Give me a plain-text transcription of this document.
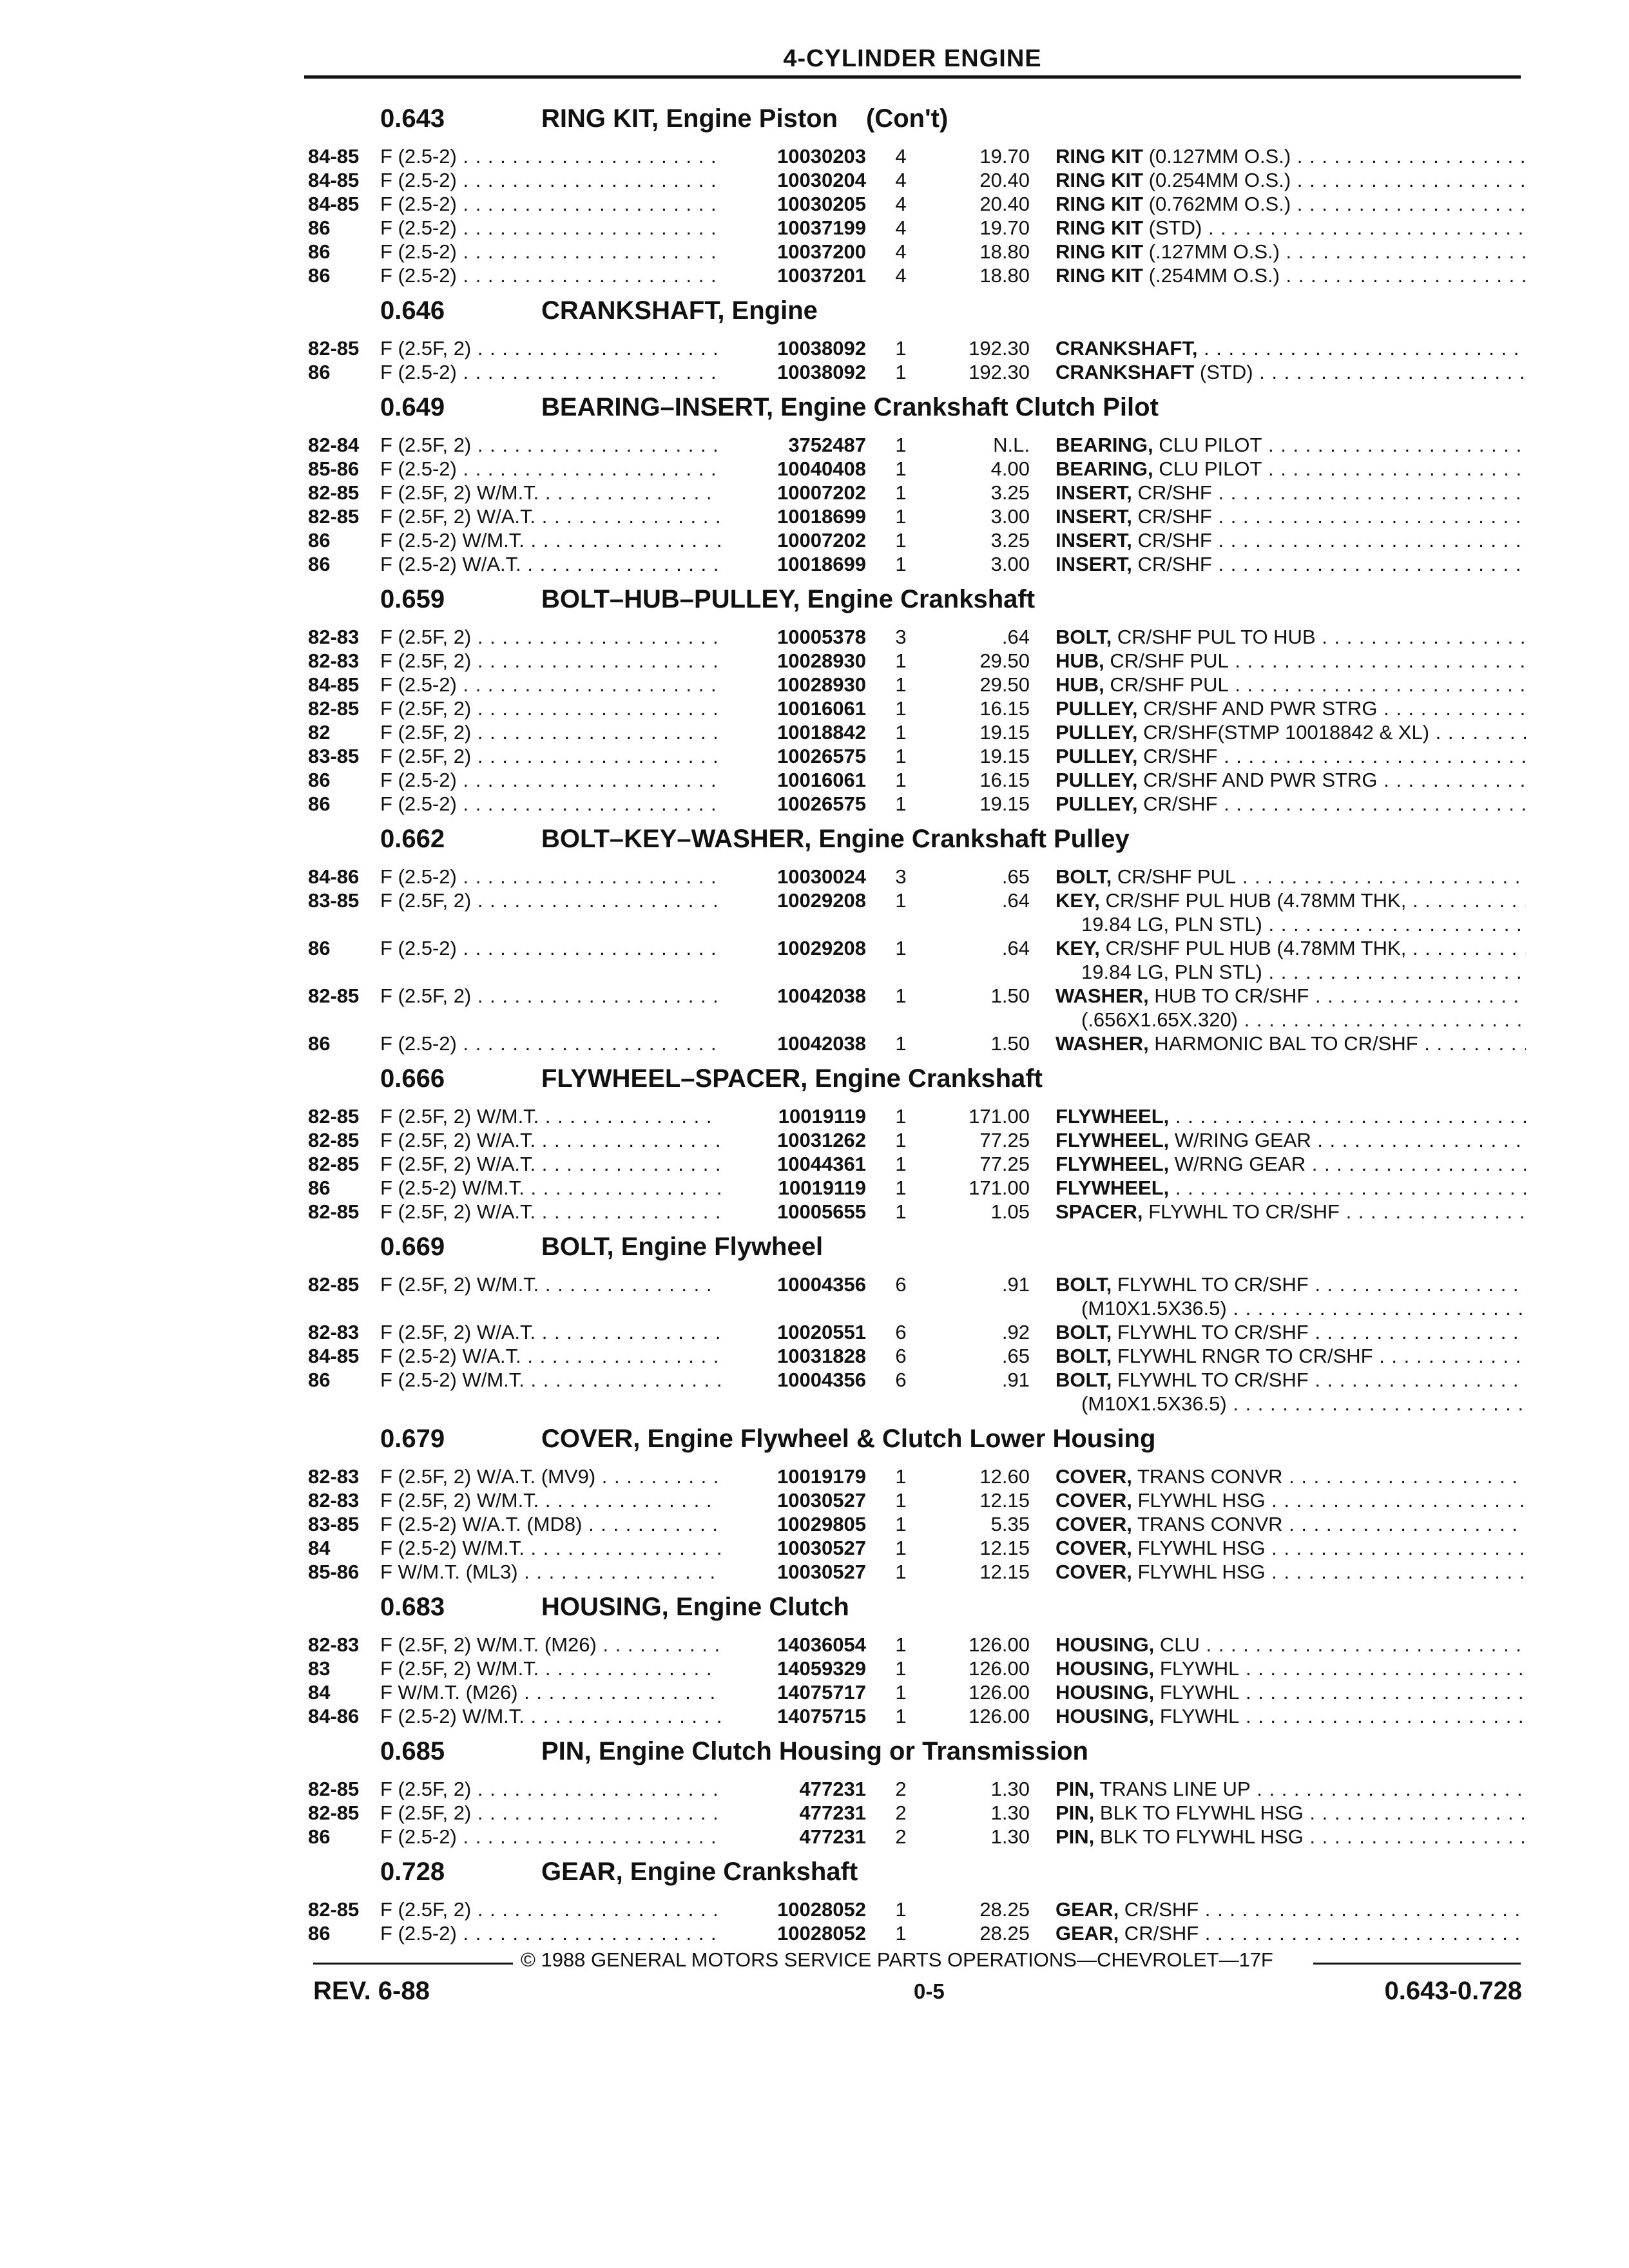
4-CYLINDER ENGINE
0.643	RING KIT, Engine Piston (Con't)
84-85	F (2.5-2) . . .	10030203	4	19.70 RING KIT (0.127MM O.S.) . . .
84-85	F (2.5-2) . . .	10030204	4	20.40 RING KIT (0.254MM O.S.) . . .
84-85	F (2.5-2) . . .	10030205	4	20.40 RING KIT (0.762MM O.S.) . . .
86	F (2.5-2) . . .	10037199	4	19.70 RING KIT (STD) . . .
86	F (2.5-2) . . .	10037200	4	18.80 RING KIT (.127MM O.S.) . . .
86	F (2.5-2) . . .	10037201	4	18.80 RING KIT (.254MM O.S.) . . .
0.646	CRANKSHAFT, Engine
82-85	F (2.5F, 2) . . .	10038092	1	192.30 CRANKSHAFT, . . .
86	F (2.5-2) . . .	10038092	1	192.30 CRANKSHAFT (STD) . . .
0.649	BEARING–INSERT, Engine Crankshaft Clutch Pilot
82-84	F (2.5F, 2) . . .	3752487	1	N.L. BEARING, CLU PILOT . . .
85-86	F (2.5-2) . . .	10040408	1	4.00 BEARING, CLU PILOT . . .
82-85	F (2.5F, 2) W/M.T. . . .	10007202	1	3.25 INSERT, CR/SHF . . .
82-85	F (2.5F, 2) W/A.T. . . .	10018699	1	3.00 INSERT, CR/SHF . . .
86	F (2.5-2) W/M.T. . . .	10007202	1	3.25 INSERT, CR/SHF . . .
86	F (2.5-2) W/A.T. . . .	10018699	1	3.00 INSERT, CR/SHF . . .
0.659	BOLT–HUB–PULLEY, Engine Crankshaft
82-83	F (2.5F, 2) . . .	10005378	3	.64 BOLT, CR/SHF PUL TO HUB . . .
82-83	F (2.5F, 2) . . .	10028930	1	29.50 HUB, CR/SHF PUL . . .
84-85	F (2.5-2) . . .	10028930	1	29.50 HUB, CR/SHF PUL . . .
82-85	F (2.5F, 2) . . .	10016061	1	16.15 PULLEY, CR/SHF AND PWR STRG . . .
82	F (2.5F, 2) . . .	10018842	1	19.15 PULLEY, CR/SHF(STMP 10018842 & XL) . . .
83-85	F (2.5F, 2) . . .	10026575	1	19.15 PULLEY, CR/SHF . . .
86	F (2.5-2) . . .	10016061	1	16.15 PULLEY, CR/SHF AND PWR STRG . . .
86	F (2.5-2) . . .	10026575	1	19.15 PULLEY, CR/SHF . . .
0.662	BOLT–KEY–WASHER, Engine Crankshaft Pulley
84-86	F (2.5-2) . . .	10030024	3	.65 BOLT, CR/SHF PUL . . .
83-85	F (2.5F, 2) . . .	10029208	1	.64 KEY, CR/SHF PUL HUB (4.78MM THK, . . .
19.84 LG, PLN STL) . . .
86	F (2.5-2) . . .	10029208	1	.64 KEY, CR/SHF PUL HUB (4.78MM THK, . . .
19.84 LG, PLN STL) . . .
82-85	F (2.5F, 2) . . .	10042038	1	1.50 WASHER, HUB TO CR/SHF . . .
(.656X1.65X.320) . . .
86	F (2.5-2) . . .	10042038	1	1.50 WASHER, HARMONIC BAL TO CR/SHF . . .
0.666	FLYWHEEL–SPACER, Engine Crankshaft
82-85	F (2.5F, 2) W/M.T. . . .	10019119	1	171.00 FLYWHEEL, . . .
82-85	F (2.5F, 2) W/A.T. . . .	10031262	1	77.25 FLYWHEEL, W/RING GEAR . . .
82-85	F (2.5F, 2) W/A.T. . . .	10044361	1	77.25 FLYWHEEL, W/RNG GEAR . . .
86	F (2.5-2) W/M.T. . . .	10019119	1	171.00 FLYWHEEL, . . .
82-85	F (2.5F, 2) W/A.T. . . .	10005655	1	1.05 SPACER, FLYWHL TO CR/SHF . . .
0.669	BOLT, Engine Flywheel
82-85	F (2.5F, 2) W/M.T. . . .	10004356	6	.91 BOLT, FLYWHL TO CR/SHF . . .
(M10X1.5X36.5) . . .
82-83	F (2.5F, 2) W/A.T. . . .	10020551	6	.92 BOLT, FLYWHL TO CR/SHF . . .
84-85	F (2.5-2) W/A.T. . . .	10031828	6	.65 BOLT, FLYWHL RNGR TO CR/SHF . . .
86	F (2.5-2) W/M.T. . . .	10004356	6	.91 BOLT, FLYWHL TO CR/SHF . . .
(M10X1.5X36.5) . . .
0.679	COVER, Engine Flywheel & Clutch Lower Housing
82-83	F (2.5F, 2) W/A.T. (MV9) . . .	10019179	1	12.60 COVER, TRANS CONVR . . .
82-83	F (2.5F, 2) W/M.T. . . .	10030527	1	12.15 COVER, FLYWHL HSG . . .
83-85	F (2.5-2) W/A.T. (MD8) . . .	10029805	1	5.35 COVER, TRANS CONVR . . .
84	F (2.5-2) W/M.T. . . .	10030527	1	12.15 COVER, FLYWHL HSG . . .
85-86	F W/M.T. (ML3) . . .	10030527	1	12.15 COVER, FLYWHL HSG . . .
0.683	HOUSING, Engine Clutch
82-83	F (2.5F, 2) W/M.T. (M26) . . .	14036054	1	126.00 HOUSING, CLU . . .
83	F (2.5F, 2) W/M.T. . . .	14059329	1	126.00 HOUSING, FLYWHL . . .
84	F W/M.T. (M26) . . .	14075717	1	126.00 HOUSING, FLYWHL . . .
84-86	F (2.5-2) W/M.T. . . .	14075715	1	126.00 HOUSING, FLYWHL . . .
0.685	PIN, Engine Clutch Housing or Transmission
82-85	F (2.5F, 2) . . .	477231	2	1.30 PIN, TRANS LINE UP . . .
82-85	F (2.5F, 2) . . .	477231	2	1.30 PIN, BLK TO FLYWHL HSG . . .
86	F (2.5-2) . . .	477231	2	1.30 PIN, BLK TO FLYWHL HSG . . .
0.728	GEAR, Engine Crankshaft
82-85	F (2.5F, 2) . . .	10028052	1	28.25 GEAR, CR/SHF . . .
86	F (2.5-2) . . .	10028052	1	28.25 GEAR, CR/SHF . . .
© 1988 GENERAL MOTORS SERVICE PARTS OPERATIONS—CHEVROLET—17F
REV. 6-88	0-5	0.643-0.728
